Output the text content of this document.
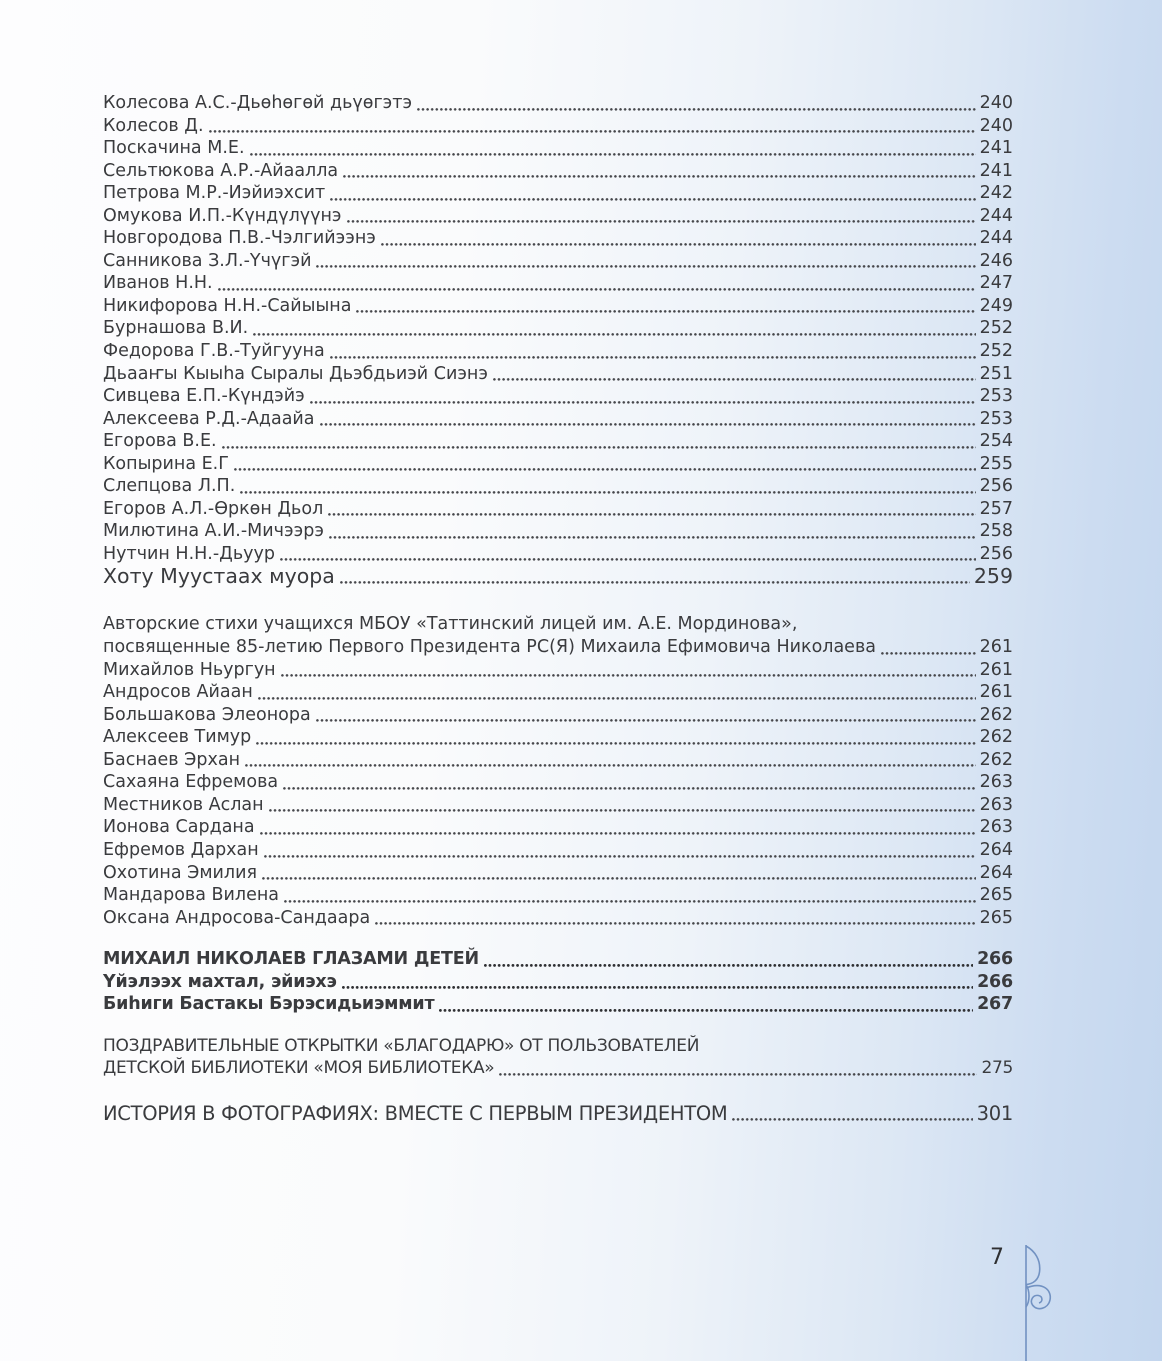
Колесова А.С.-Дьөһөгөй дьүөгэтэ	240
Колесов Д.	240
Поскачина М.Е.	241
Сельтюкова А.Р.-Айаалла	241
Петрова М.Р.-Иэйиэхсит	242
Омукова И.П.-Күндүлүүнэ	244
Новгородова П.В.-Чэлгийээнэ	244
Санникова З.Л.-Үчүгэй	246
Иванов Н.Н.	247
Никифорова Н.Н.-Сайыына	249
Бурнашова В.И.	252
Федорова Г.В.-Туйгууна	252
Дьааҥы Кыыһа Сыралы Дьэбдьиэй Сиэнэ	251
Сивцева Е.П.-Күндэйэ	253
Алексеева Р.Д.-Адаайа	253
Егорова В.Е.	254
Копырина Е.Г	255
Слепцова Л.П.	256
Егоров А.Л.-Өркөн Дьол	257
Милютина А.И.-Мичээрэ	258
Нутчин Н.Н.-Дьуур	256
Хоту Муустаах муора	259
Авторские стихи учащихся МБОУ «Таттинский лицей им. А.Е. Мординова»,
посвященные 85-летию Первого Президента РС(Я) Михаила Ефимовича Николаева	261
Михайлов Ньургун	261
Андросов Айаан	261
Большакова Элеонора	262
Алексеев Тимур	262
Баснаев Эрхан	262
Сахаяна Ефремова	263
Местников Аслан	263
Ионова Сардана	263
Ефремов Дархан	264
Охотина Эмилия	264
Мандарова Вилена	265
Оксана Андросова-Сандаара	265
МИХАИЛ НИКОЛАЕВ ГЛАЗАМИ ДЕТЕЙ	266
Үйэлээх махтал, эйиэхэ	266
Биһиги Бастакы Бэрэсидьиэммит	267
ПОЗДРАВИТЕЛЬНЫЕ ОТКРЫТКИ «БЛАГОДАРЮ» ОТ ПОЛЬЗОВАТЕЛЕЙ
ДЕТСКОЙ БИБЛИОТЕКИ «МОЯ БИБЛИОТЕКА»	275
ИСТОРИЯ В ФОТОГРАФИЯХ: ВМЕСТЕ С ПЕРВЫМ ПРЕЗИДЕНТОМ	301
7
